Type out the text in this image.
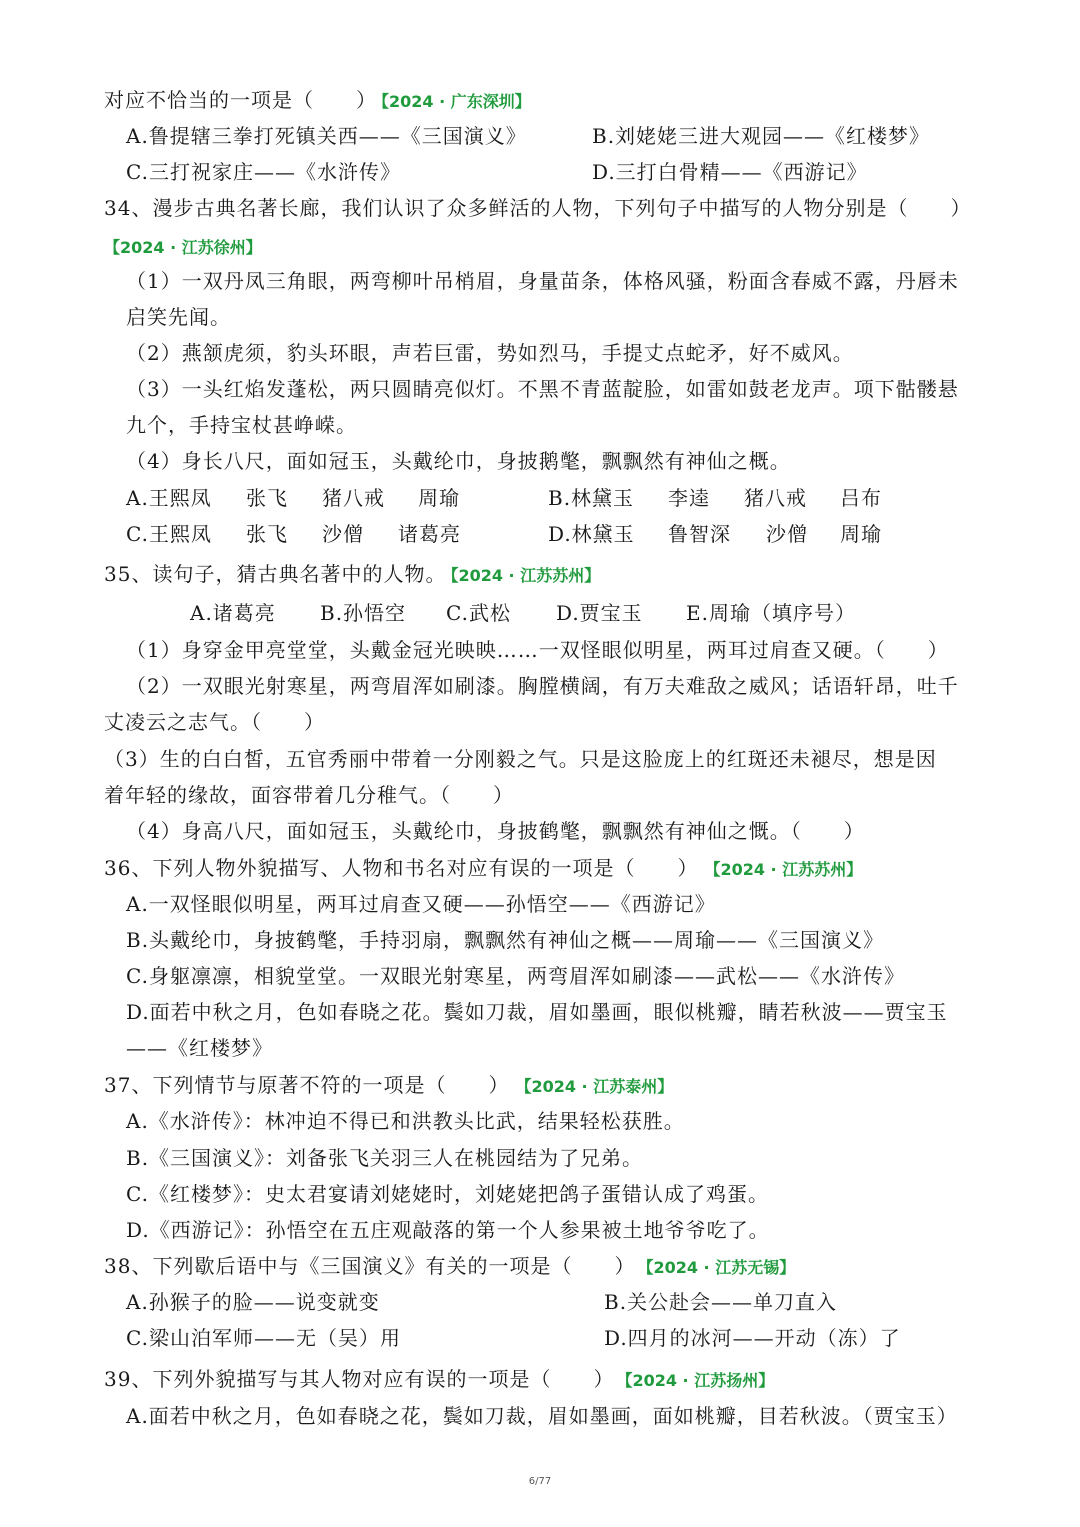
对应不恰当的一项是（　　） 【2024 · 广东深圳】
A.鲁提辖三拳打死镇关西——《三国演义》	B.刘姥姥三进大观园——《红楼梦》
C.三打祝家庄——《水浒传》	D.三打白骨精——《西游记》
34、漫步古典名著长廊，我们认识了众多鲜活的人物，下列句子中描写的人物分别是（　　）
【2024 · 江苏徐州】
（1）一双丹凤三角眼，两弯柳叶吊梢眉，身量苗条，体格风骚，粉面含春威不露，丹唇未
启笑先闻。
（2）燕颔虎须，豹头环眼，声若巨雷，势如烈马，手提丈点蛇矛，好不威风。
（3）一头红焰发蓬松，两只圆睛亮似灯。不黑不青蓝靛脸，如雷如鼓老龙声。项下骷髅悬
九个，手持宝杖甚峥嵘。
（4）身长八尺，面如冠玉，头戴纶巾，身披鹅氅，飘飘然有神仙之概。
A.王熙凤 张飞 猪八戒 周瑜	B.林黛玉 李逵 猪八戒 吕布
C.王熙凤 张飞 沙僧 诸葛亮	D.林黛玉 鲁智深 沙僧 周瑜
35、读句子，猜古典名著中的人物。 【2024 · 江苏苏州】
A.诸葛亮 B.孙悟空 C.武松 D.贾宝玉 E.周瑜（填序号）
（1）身穿金甲亮堂堂，头戴金冠光映映……一双怪眼似明星，两耳过肩查又硬。（　　）
（2）一双眼光射寒星，两弯眉浑如刷漆。胸膛横阔，有万夫难敌之威风；话语轩昂，吐千
丈凌云之志气。（　　）
（3）生的白白皙，五官秀丽中带着一分刚毅之气。只是这脸庞上的红斑还未褪尽，想是因
着年轻的缘故，面容带着几分稚气。（　　）
（4）身高八尺，面如冠玉，头戴纶巾，身披鹤氅，飘飘然有神仙之慨。（　　）
36、下列人物外貌描写、人物和书名对应有误的一项是（　　） 【2024 · 江苏苏州】
A.一双怪眼似明星，两耳过肩查又硬——孙悟空——《西游记》
B.头戴纶巾，身披鹤氅，手持羽扇，飘飘然有神仙之概——周瑜——《三国演义》
C.身躯凛凛，相貌堂堂。一双眼光射寒星，两弯眉浑如刷漆——武松——《水浒传》
D.面若中秋之月，色如春晓之花。鬓如刀裁，眉如墨画，眼似桃瓣，睛若秋波——贾宝玉
——《红楼梦》
37、下列情节与原著不符的一项是（　　） 【2024 · 江苏泰州】
A.《水浒传》：林冲迫不得已和洪教头比武，结果轻松获胜。
B.《三国演义》：刘备张飞关羽三人在桃园结为了兄弟。
C.《红楼梦》：史太君宴请刘姥姥时，刘姥姥把鸽子蛋错认成了鸡蛋。
D.《西游记》：孙悟空在五庄观敲落的第一个人参果被土地爷爷吃了。
38、下列歇后语中与《三国演义》有关的一项是（　　） 【2024 · 江苏无锡】
A.孙猴子的脸——说变就变	B.关公赴会——单刀直入
C.梁山泊军师——无（吴）用	D.四月的冰河——开动（冻）了
39、下列外貌描写与其人物对应有误的一项是（　　） 【2024 · 江苏扬州】
A.面若中秋之月，色如春晓之花，鬓如刀裁，眉如墨画，面如桃瓣，目若秋波。（贾宝玉）
6/77
